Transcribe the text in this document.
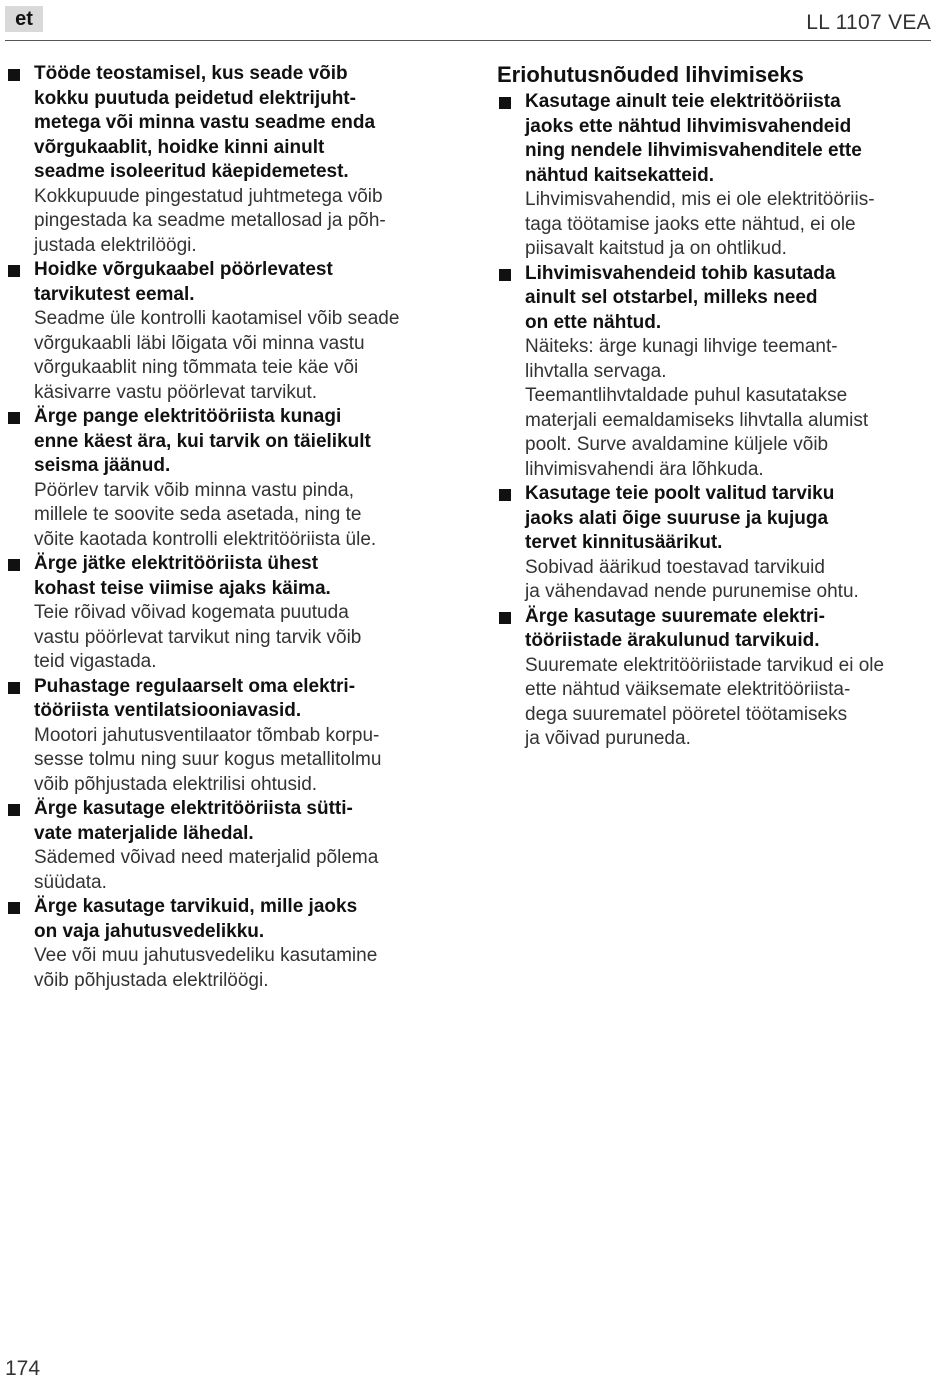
et	LL 1107 VEA
Tööde teostamisel, kus seade võib
kokku puutuda peidetud elektrijuht-
metega või minna vastu seadme enda
võrgukaablit, hoidke kinni ainult
seadme isoleeritud käepidemetest.
Kokkupuude pingestatud juhtmetega võib
pingestada ka seadme metallosad ja põh-
justada elektrilöögi.
Hoidke võrgukaabel pöörlevatest
tarvikutest eemal.
Seadme üle kontrolli kaotamisel võib seade
võrgukaabli läbi lõigata või minna vastu
võrgukaablit ning tõmmata teie käe või
käsivarre vastu pöörlevat tarvikut.
Ärge pange elektritööriista kunagi
enne käest ära, kui tarvik on täielikult
seisma jäänud.
Pöörlev tarvik võib minna vastu pinda,
millele te soovite seda asetada, ning te
võite kaotada kontrolli elektritööriista üle.
Ärge jätke elektritööriista ühest
kohast teise viimise ajaks käima.
Teie rõivad võivad kogemata puutuda
vastu pöörlevat tarvikut ning tarvik võib
teid vigastada.
Puhastage regulaarselt oma elektri-
tööriista ventilatsiooniavasid.
Mootori jahutusventilaator tõmbab korpu-
sesse tolmu ning suur kogus metallitolmu
võib põhjustada elektrilisi ohtusid.
Ärge kasutage elektritööriista sütti-
vate materjalide lähedal.
Sädemed võivad need materjalid põlema
süüdata.
Ärge kasutage tarvikuid, mille jaoks
on vaja jahutusvedelikku.
Vee või muu jahutusvedeliku kasutamine
võib põhjustada elektrilöögi.
Eriohutusnõuded lihvimiseks
Kasutage ainult teie elektritööriista
jaoks ette nähtud lihvimisvahendeid
ning nendele lihvimisvahenditele ette
nähtud kaitsekatteid.
Lihvimisvahendid, mis ei ole elektritööriis-
taga töötamise jaoks ette nähtud, ei ole
piisavalt kaitstud ja on ohtlikud.
Lihvimisvahendeid tohib kasutada
ainult sel otstarbel, milleks need
on ette nähtud.
Näiteks: ärge kunagi lihvige teemant-
lihvtalla servaga.
Teemantlihvtaldade puhul kasutatakse
materjali eemaldamiseks lihvtalla alumist
poolt. Surve avaldamine küljele võib
lihvimisvahendi ära lõhkuda.
Kasutage teie poolt valitud tarviku
jaoks alati õige suuruse ja kujuga
tervet kinnitusäärikut.
Sobivad äärikud toestavad tarvikuid
ja vähendavad nende purunemise ohtu.
Ärge kasutage suuremate elektri-
tööriistade ärakulunud tarvikuid.
Suuremate elektritööriistade tarvikud ei ole
ette nähtud väiksemate elektritööriista-
dega suurematel pööretel töötamiseks
ja võivad puruneda.
174
